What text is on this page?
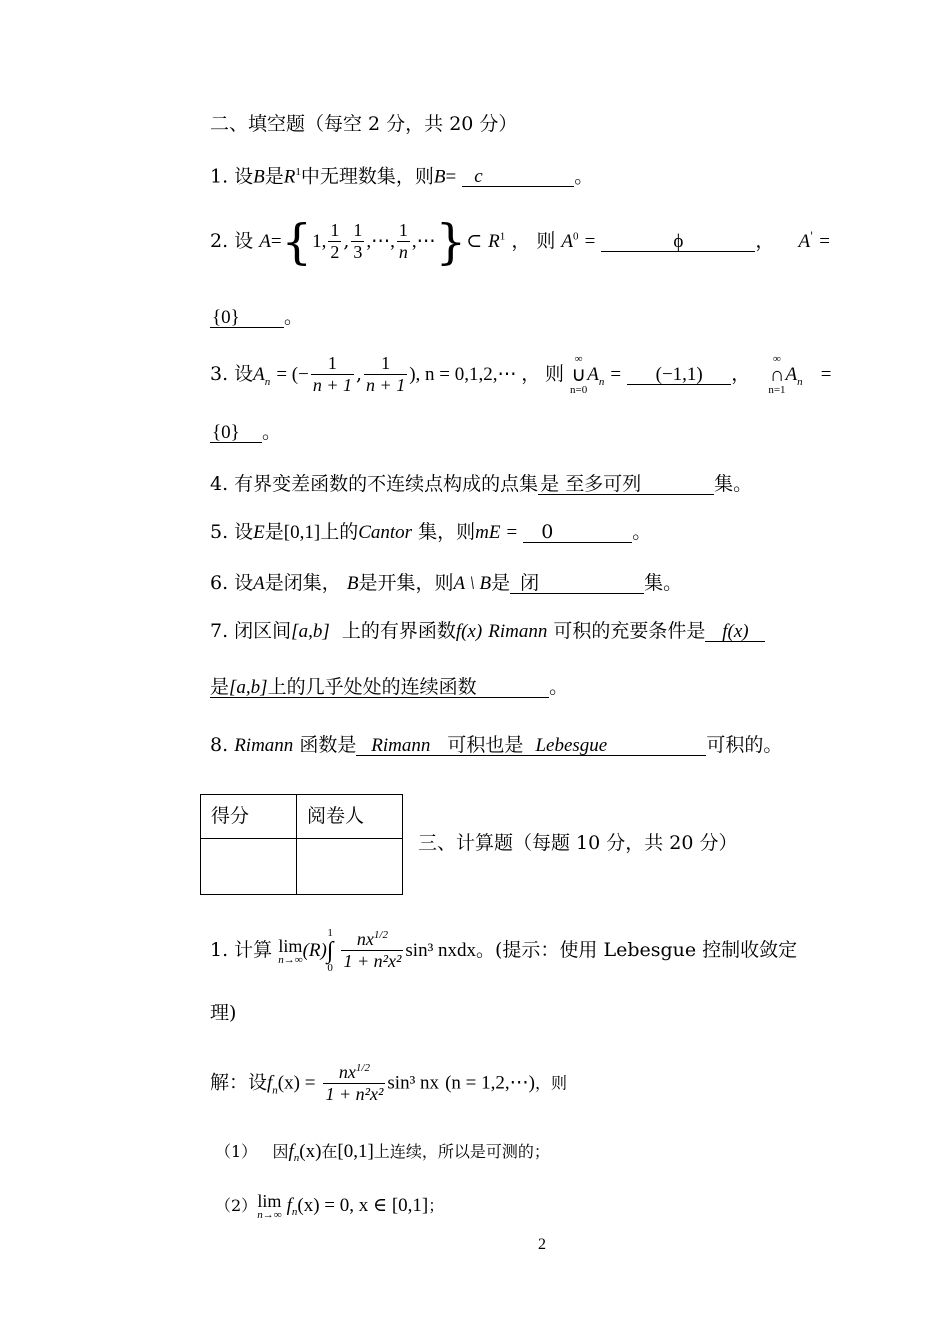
二、填空题（每空 2 分，共 20 分）
1. 设B是$R^1$中无理数集，则B= c	。
2. 设 A={1, $\frac{1}{2}$ , $\frac{1}{3}$ ,⋯, $\frac{1}{n}$ ,⋯}⊂ $R^1$ ， 则 $A^0$ =	ϕ	， A' =
{0} 。
3. 设$A_n$ = (− $\frac{1}{n + 1}$ , $\frac{1}{n + 1}$ ), n = 0,1,2,⋯ ， 则
∞
∪
n=0
$A_n = (-1,1)$ ，
∞
∩
n=1
$A_n$ =
{0} 。
4. 有界变差函数的不连续点构成的点集 是 至多可列	集。
5. 设E是[0,1]上的Cantor 集，则mE = 0	。
6. 设A是闭集， B是开集，则A \ B是 闭	集。
7. 闭区间[a,b] 上的有界函数f(x) Rimann 可积的充要条件是 f(x)
是[a,b]上的几乎处处的连续函数	。
8. Rimann 函数是 Rimann 可积也是 Lebesgue	可积的。
得分	阅卷人

三、计算题（每题 10 分，共 20 分）
1. 计算 lim
n→∞ (R)
1
∫
0
$\frac{nx^{1/2}}{\text{1 + n²x²}} \sin^3$ nxdx。(提示：使用 Lebesgue 控制收敛定
理)
解：设$f_n(x) = \frac{nx^{1/2}}{\text{1 + n²x²}} \sin^3$ nx (n = 1,2,⋯)，则
（1） 因$f_n(x)$在[0,1]上连续，所以是可测的；
（2） lim
n→∞ $f_n(x) = 0$, x ∈ [0,1]；
2
